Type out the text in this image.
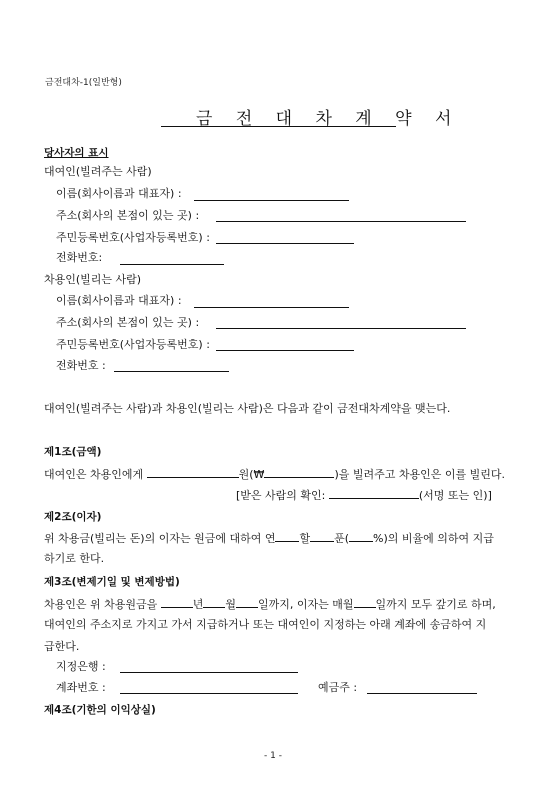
금전대차-1(일반형)
금 전 대 차 계 약 서
당사자의 표시
대여인(빌려주는 사람)
이름(회사이름과 대표자) :
주소(회사의 본점이 있는 곳) :
주민등록번호(사업자등록번호) :
전화번호:
차용인(빌리는 사람)
이름(회사이름과 대표자) :
주소(회사의 본점이 있는 곳) :
주민등록번호(사업자등록번호) :
전화번호 :
대여인(빌려주는 사람)과 차용인(빌리는 사람)은 다음과 같이 금전대차계약을 맺는다.
제1조(금액)
대여인은 차용인에게	원(₩	)을 빌려주고 차용인은 이를 빌린다.
[받은 사람의 확인:	(서명 또는 인)]
제2조(이자)
위 차용금(빌리는 돈)의 이자는 원금에 대하여 연 할 푼( %)의 비율에 의하여 지급
하기로 한다.
제3조(변제기일 및 변제방법)
차용인은 위 차용원금을	년 월 일까지, 이자는 매월 일까지 모두 갚기로 하며,
대여인의 주소지로 가지고 가서 지급하거나 또는 대여인이 지정하는 아래 계좌에 송금하여 지
급한다.
지정은행 :
계좌번호 :	예금주 :
제4조(기한의 이익상실)
- 1 -
